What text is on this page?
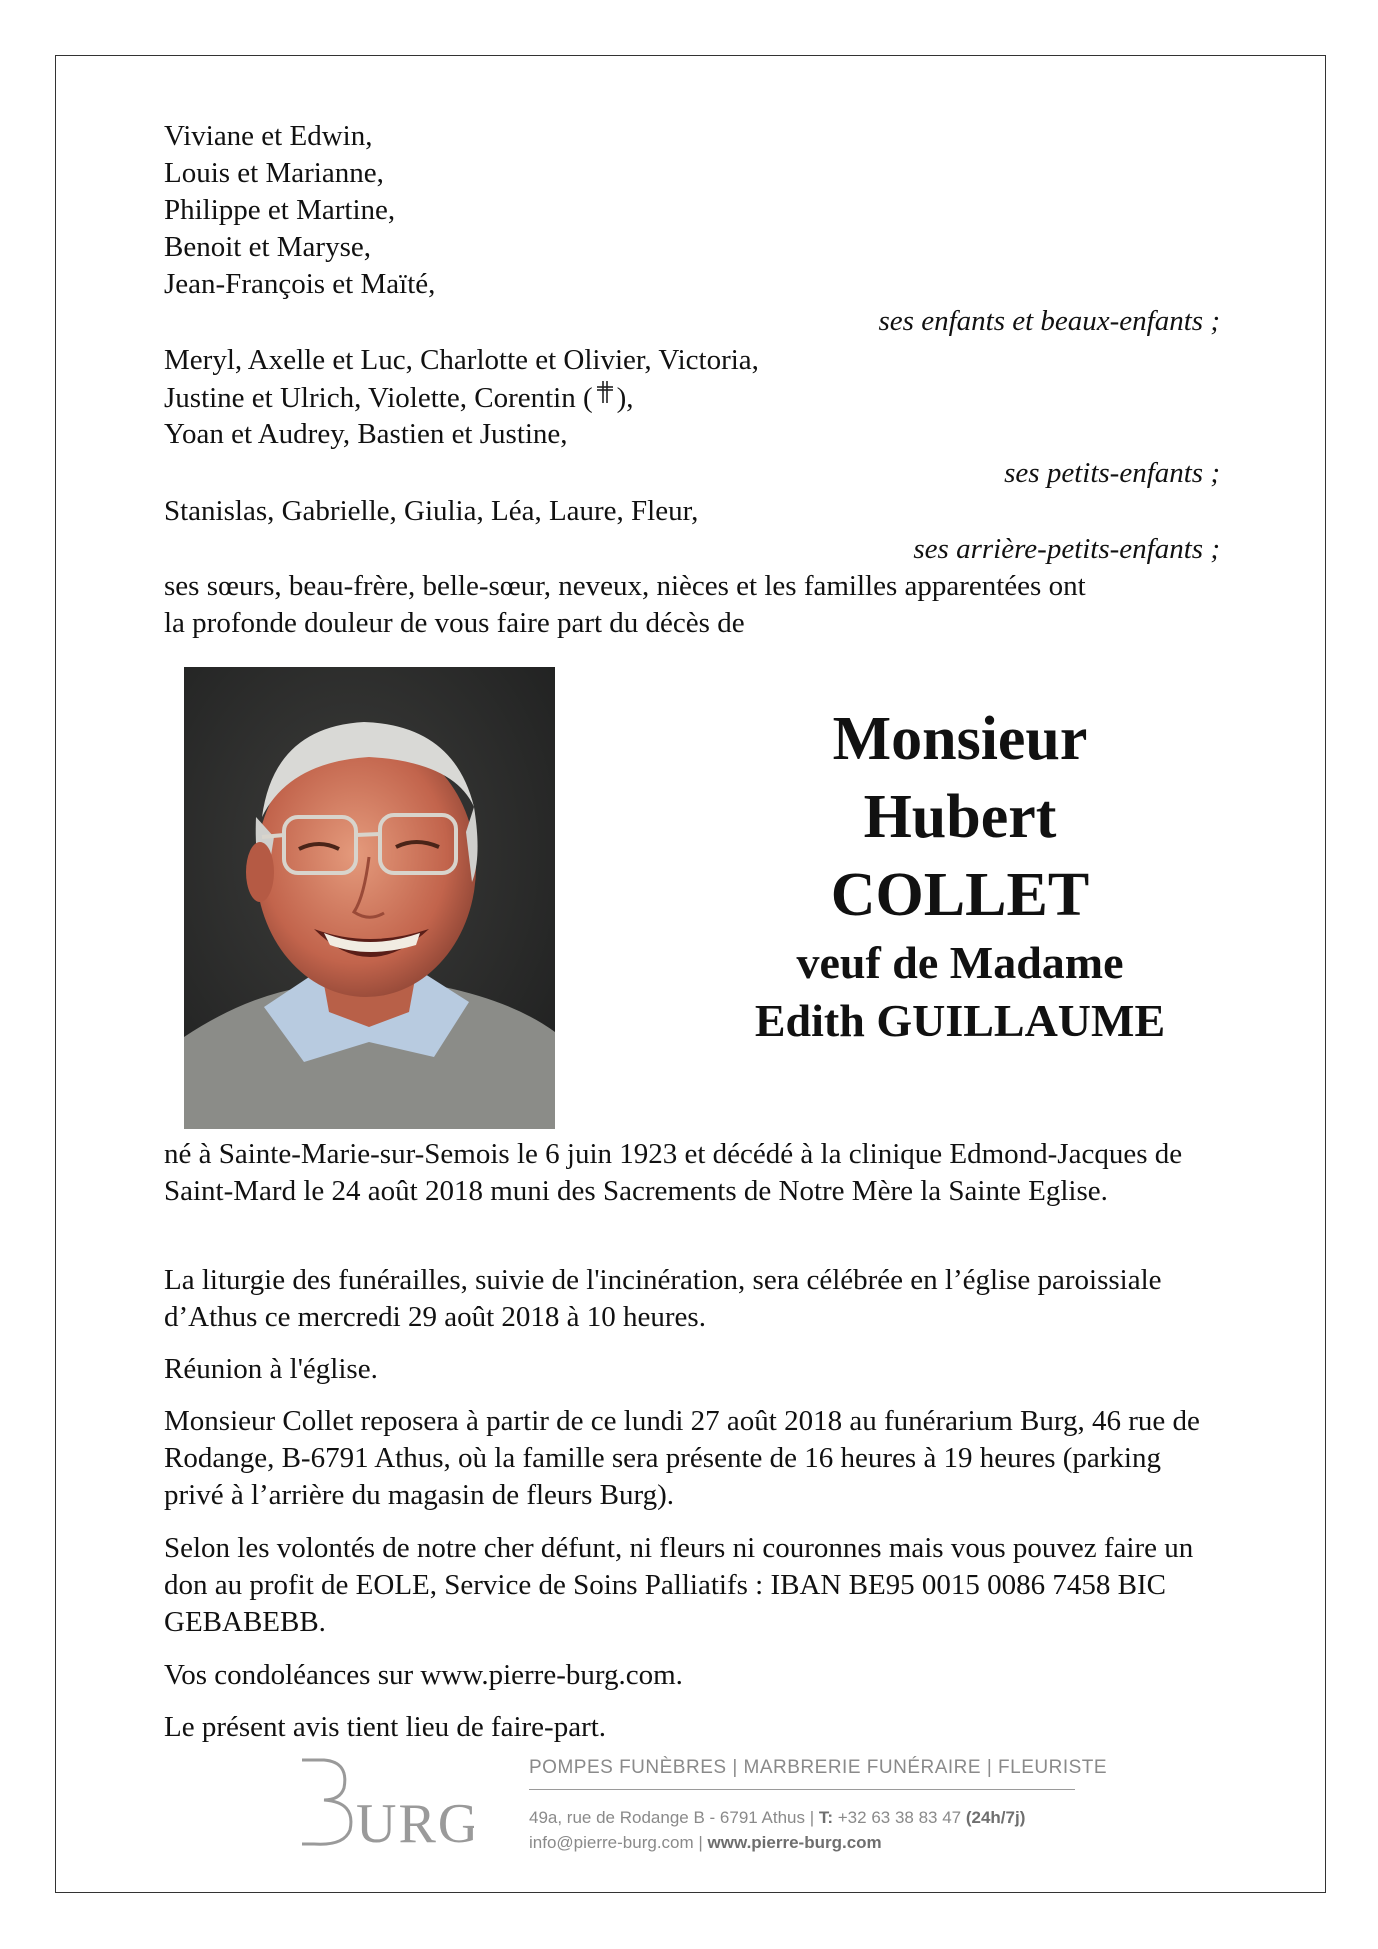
Viviane et Edwin,
Louis et Marianne,
Philippe et Martine,
Benoit et Maryse,
Jean-François et Maïté,
ses enfants et beaux-enfants ;
Meryl, Axelle et Luc, Charlotte et Olivier, Victoria,
Justine et Ulrich, Violette, Corentin ( ),
Yoan et Audrey, Bastien et Justine,
ses petits-enfants ;
Stanislas, Gabrielle, Giulia, Léa, Laure, Fleur,
ses arrière-petits-enfants ;
ses sœurs, beau-frère, belle-sœur, neveux, nièces et les familles apparentées ont
la profonde douleur de vous faire part du décès de
Monsieur
Hubert
COLLET
veuf de Madame
Edith GUILLAUME
né à Sainte-Marie-sur-Semois le 6 juin 1923 et décédé à la clinique Edmond-Jacques de Saint-Mard le 24 août 2018 muni des Sacrements de Notre Mère la Sainte Eglise.
La liturgie des funérailles, suivie de l'incinération, sera célébrée en l’église paroissiale d’Athus ce mercredi 29 août 2018 à 10 heures.
Réunion à l'église.
Monsieur Collet reposera à partir de ce lundi 27 août 2018 au funérarium Burg, 46 rue de Rodange, B-6791 Athus, où la famille sera présente de 16 heures à 19 heures (parking privé à l’arrière du magasin de fleurs Burg).
Selon les volontés de notre cher défunt, ni fleurs ni couronnes mais vous pouvez faire un don au profit de EOLE, Service de Soins Palliatifs : IBAN BE95 0015 0086 7458 BIC GEBABEBB.
Vos condoléances sur www.pierre-burg.com.
Le présent avis tient lieu de faire-part.
URG
POMPES FUNÈBRES | MARBRERIE FUNÉRAIRE | FLEURISTE
49a, rue de Rodange B - 6791 Athus | T: +32 63 38 83 47 (24h/7j)
info@pierre-burg.com | www.pierre-burg.com
